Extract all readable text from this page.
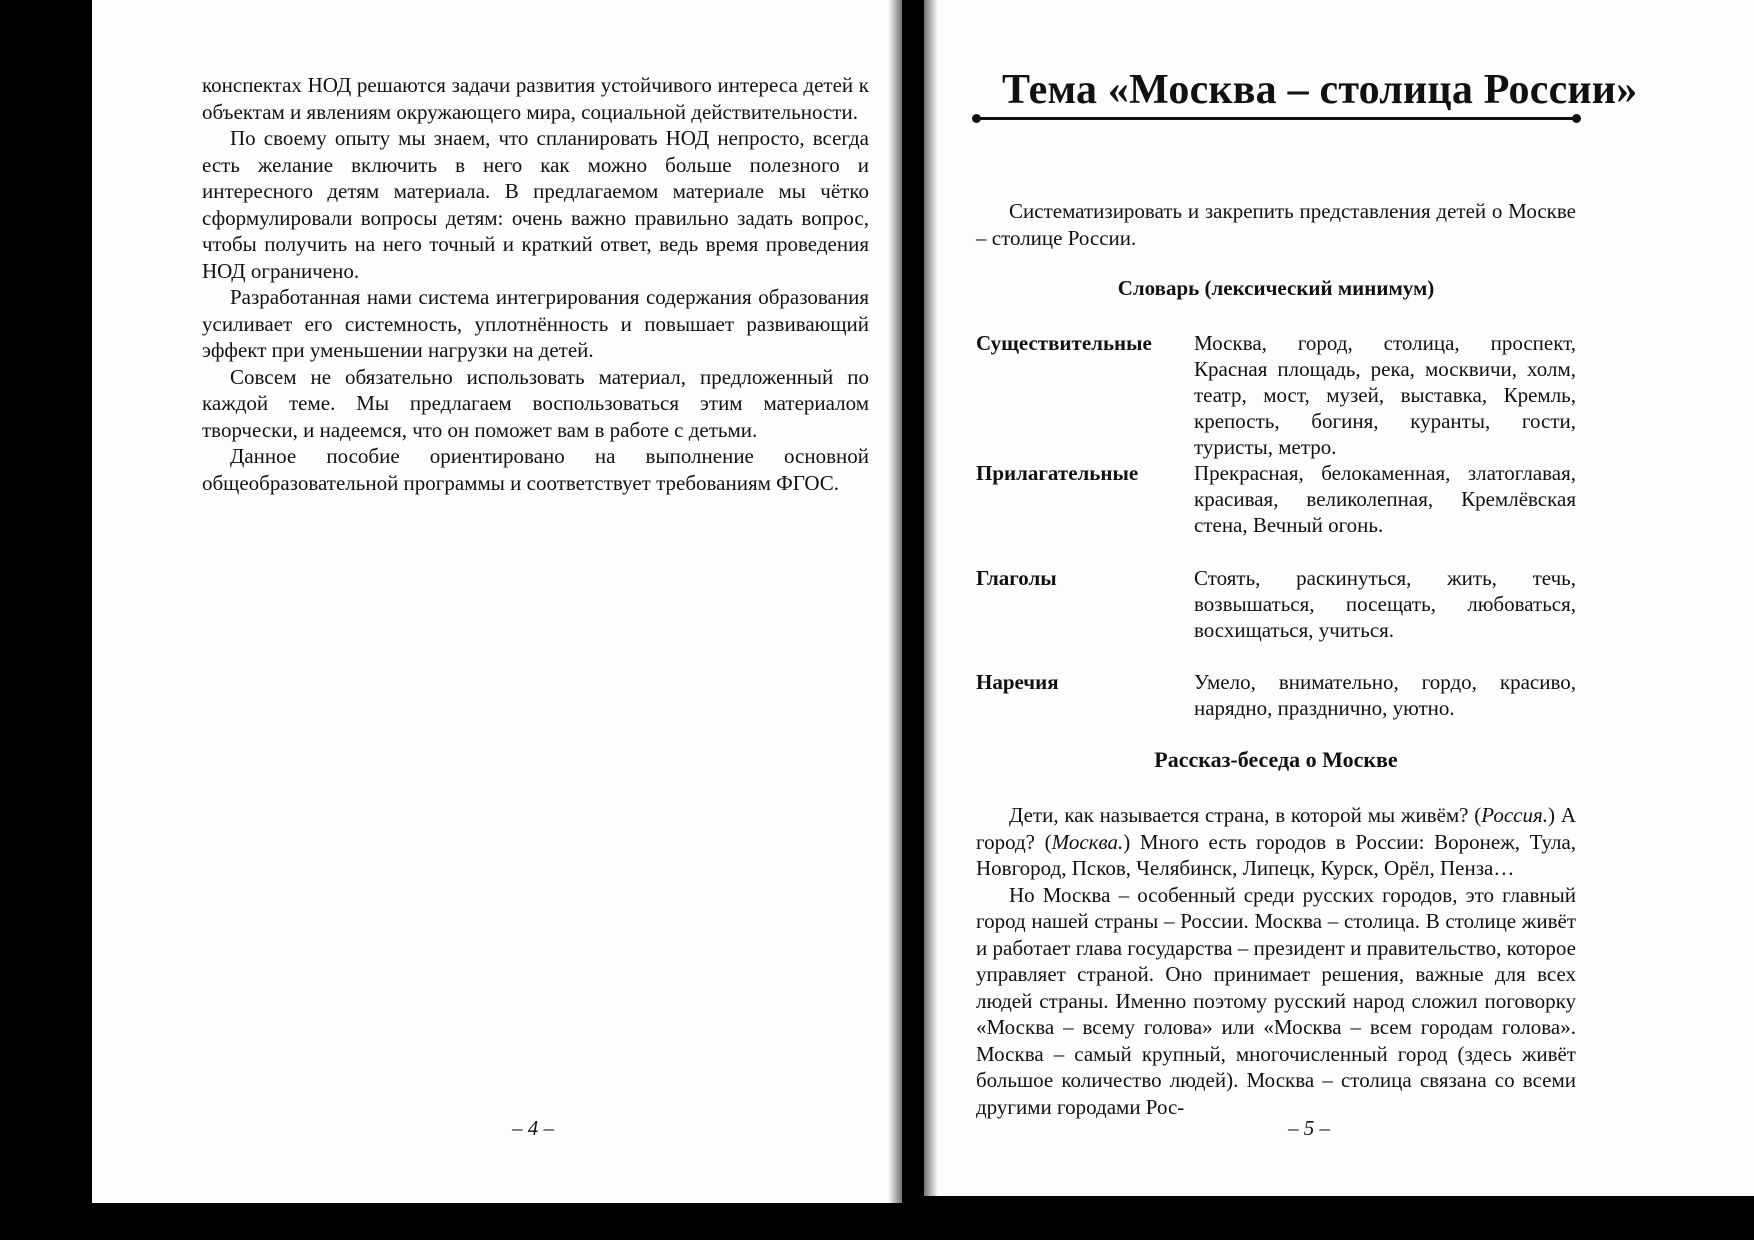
конспектах НОД решаются задачи развития устойчивого интереса детей к объектам и явлениям окружающего мира, социальной действительности.

По своему опыту мы знаем, что спланировать НОД непросто, всегда есть желание включить в него как можно больше полезного и интересного детям материала. В предлагаемом материале мы чётко сформулировали вопросы детям: очень важно правильно задать вопрос, чтобы получить на него точный и краткий ответ, ведь время проведения НОД ограничено.

Разработанная нами система интегрирования содержания образования усиливает его системность, уплотнённость и повышает развивающий эффект при уменьшении нагрузки на детей.

Совсем не обязательно использовать материал, предложенный по каждой теме. Мы предлагаем воспользоваться этим материалом творчески, и надеемся, что он поможет вам в работе с детьми.

Данное пособие ориентировано на выполнение основной общеобразовательной программы и соответствует требованиям ФГОС.

– 4 –
Тема «Москва – столица России»

Систематизировать и закрепить представления детей о Москве – столице России.

Словарь (лексический минимум)
Существительные Москва, город, столица, проспект, Красная площадь, река, москвичи, холм, театр, мост, музей, выставка, Кремль, крепость, богиня, куранты, гости, туристы, метро.
Прилагательные	Прекрасная, белокаменная, златоглавая, красивая, великолепная, Кремлёвская стена, Вечный огонь.
Глаголы	Стоять, раскинуться, жить, течь, возвышаться, посещать, любоваться, восхищаться, учиться.
Наречия	Умело, внимательно, гордо, красиво, нарядно, празднично, уютно.
Рассказ-беседа о Москве

Дети, как называется страна, в которой мы живём? (Россия.) А город? (Москва.) Много есть городов в России: Воронеж, Тула, Новгород, Псков, Челябинск, Липецк, Курск, Орёл, Пенза…

Но Москва – особенный среди русских городов, это главный город нашей страны – России. Москва – столица. В столице живёт и работает глава государства – президент и правительство, которое управляет страной. Оно принимает решения, важные для всех людей страны. Именно поэтому русский народ сложил поговорку «Москва – всему голова» или «Москва – всем городам голова». Москва – самый крупный, многочисленный город (здесь живёт большое количество людей). Москва – столица связана со всеми другими городами Рос-

– 5 –
